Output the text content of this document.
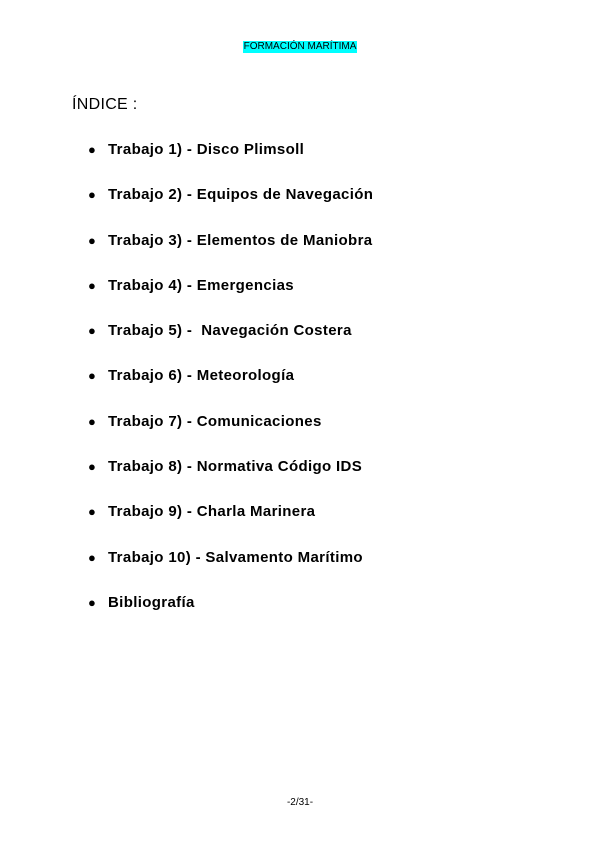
FORMACIÓN MARÍTIMA
ÍNDICE :
● Trabajo 1) - Disco Plimsoll
● Trabajo 2) - Equipos de Navegación
● Trabajo 3) - Elementos de Maniobra
● Trabajo 4) - Emergencias
● Trabajo 5) -  Navegación Costera
● Trabajo 6) - Meteorología
● Trabajo 7) - Comunicaciones
● Trabajo 8) - Normativa Código IDS
● Trabajo 9) - Charla Marinera
● Trabajo 10) - Salvamento Marítimo
● Bibliografía
-2/31-
